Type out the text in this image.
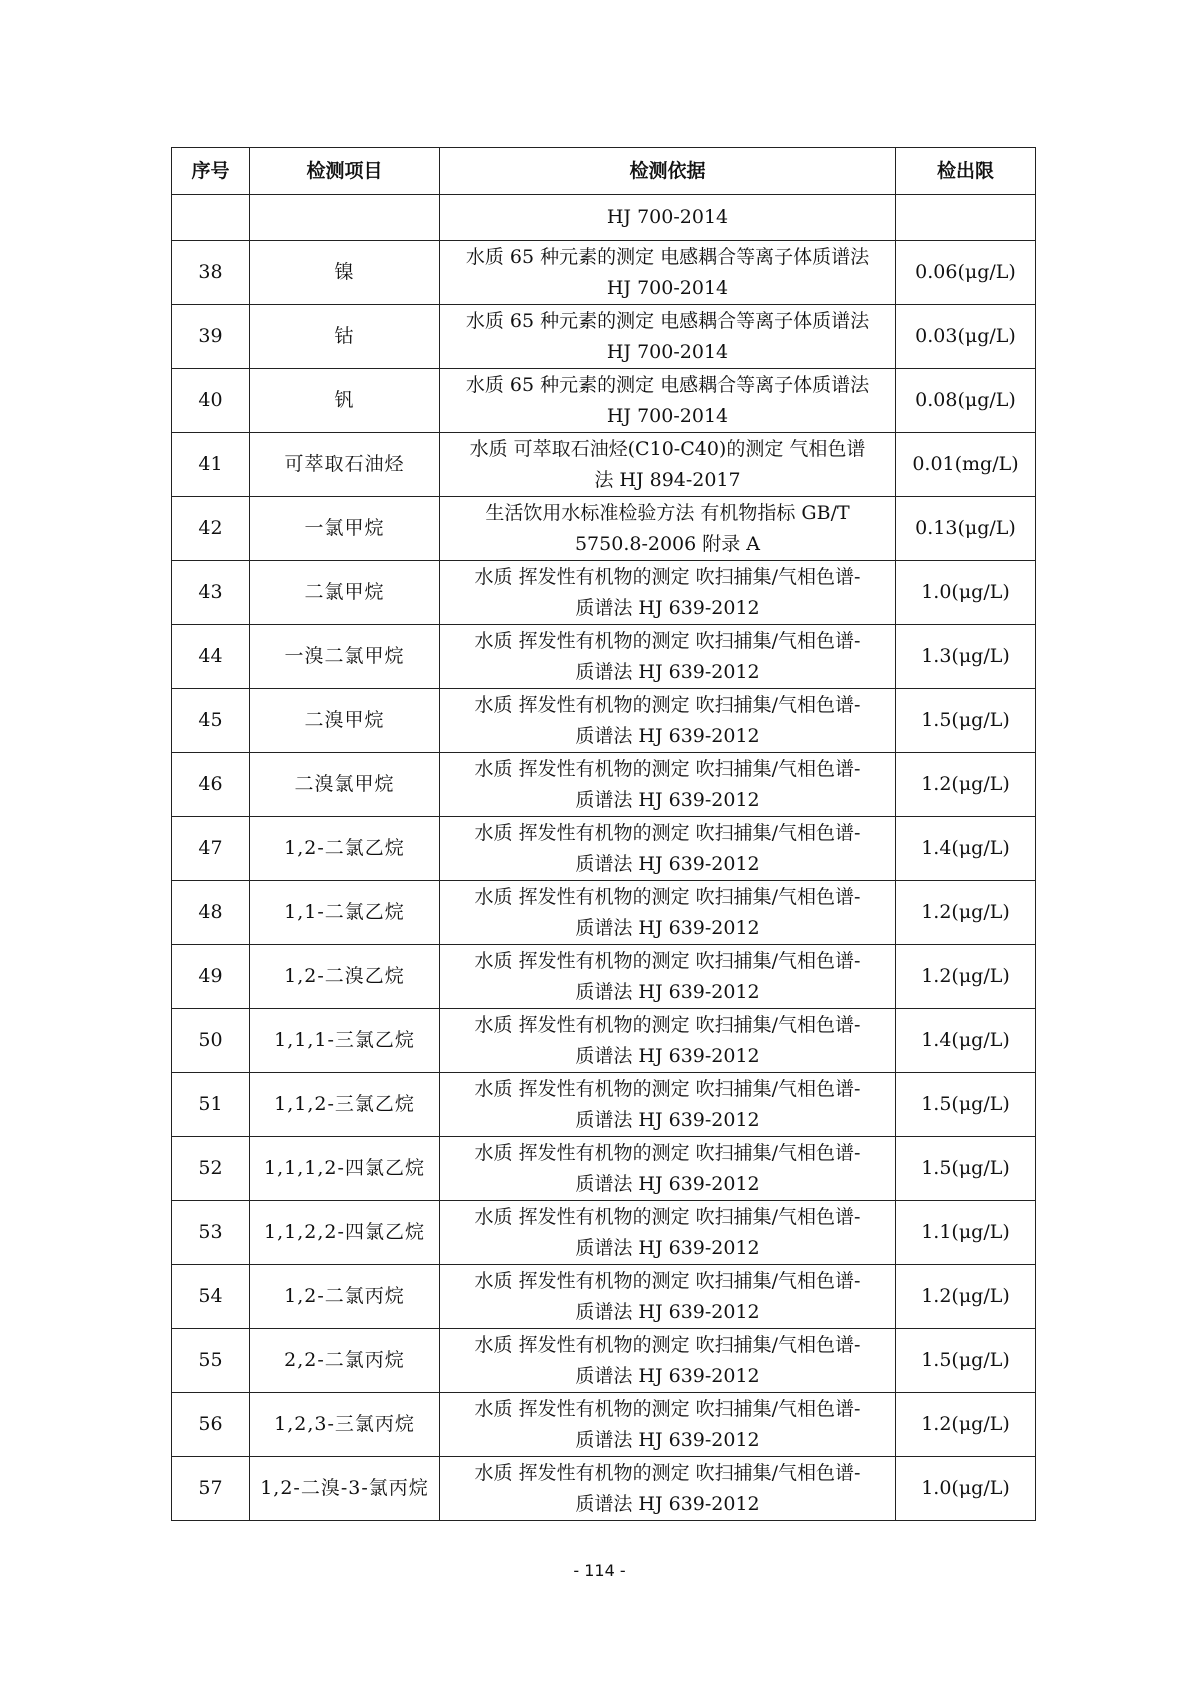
序号	检测项目	检测依据	检出限

		HJ 700-2014	

38	镍	水质 65 种元素的测定 电感耦合等离子体质谱法
HJ 700-2014	0.06(μg/L)
39	钴	水质 65 种元素的测定 电感耦合等离子体质谱法
HJ 700-2014	0.03(μg/L)
40	钒	水质 65 种元素的测定 电感耦合等离子体质谱法
HJ 700-2014	0.08(μg/L)
41	可萃取石油烃	水质 可萃取石油烃(C10-C40)的测定 气相色谱
法 HJ 894-2017	0.01(mg/L)
42	一氯甲烷	生活饮用水标准检验方法 有机物指标 GB/T
5750.8-2006 附录 A	0.13(μg/L)
43	二氯甲烷	水质 挥发性有机物的测定 吹扫捕集/气相色谱-
质谱法 HJ 639-2012	1.0(μg/L)
44	一溴二氯甲烷	水质 挥发性有机物的测定 吹扫捕集/气相色谱-
质谱法 HJ 639-2012	1.3(μg/L)
45	二溴甲烷	水质 挥发性有机物的测定 吹扫捕集/气相色谱-
质谱法 HJ 639-2012	1.5(μg/L)
46	二溴氯甲烷	水质 挥发性有机物的测定 吹扫捕集/气相色谱-
质谱法 HJ 639-2012	1.2(μg/L)
47	1,2-二氯乙烷	水质 挥发性有机物的测定 吹扫捕集/气相色谱-
质谱法 HJ 639-2012	1.4(μg/L)
48	1,1-二氯乙烷	水质 挥发性有机物的测定 吹扫捕集/气相色谱-
质谱法 HJ 639-2012	1.2(μg/L)
49	1,2-二溴乙烷	水质 挥发性有机物的测定 吹扫捕集/气相色谱-
质谱法 HJ 639-2012	1.2(μg/L)
50	1,1,1-三氯乙烷	水质 挥发性有机物的测定 吹扫捕集/气相色谱-
质谱法 HJ 639-2012	1.4(μg/L)
51	1,1,2-三氯乙烷	水质 挥发性有机物的测定 吹扫捕集/气相色谱-
质谱法 HJ 639-2012	1.5(μg/L)
52	1,1,1,2-四氯乙烷	水质 挥发性有机物的测定 吹扫捕集/气相色谱-
质谱法 HJ 639-2012	1.5(μg/L)
53	1,1,2,2-四氯乙烷	水质 挥发性有机物的测定 吹扫捕集/气相色谱-
质谱法 HJ 639-2012	1.1(μg/L)
54	1,2-二氯丙烷	水质 挥发性有机物的测定 吹扫捕集/气相色谱-
质谱法 HJ 639-2012	1.2(μg/L)
55	2,2-二氯丙烷	水质 挥发性有机物的测定 吹扫捕集/气相色谱-
质谱法 HJ 639-2012	1.5(μg/L)
56	1,2,3-三氯丙烷	水质 挥发性有机物的测定 吹扫捕集/气相色谱-
质谱法 HJ 639-2012	1.2(μg/L)
57	1,2-二溴-3-氯丙烷	水质 挥发性有机物的测定 吹扫捕集/气相色谱-
质谱法 HJ 639-2012	1.0(μg/L)
- 114 -
